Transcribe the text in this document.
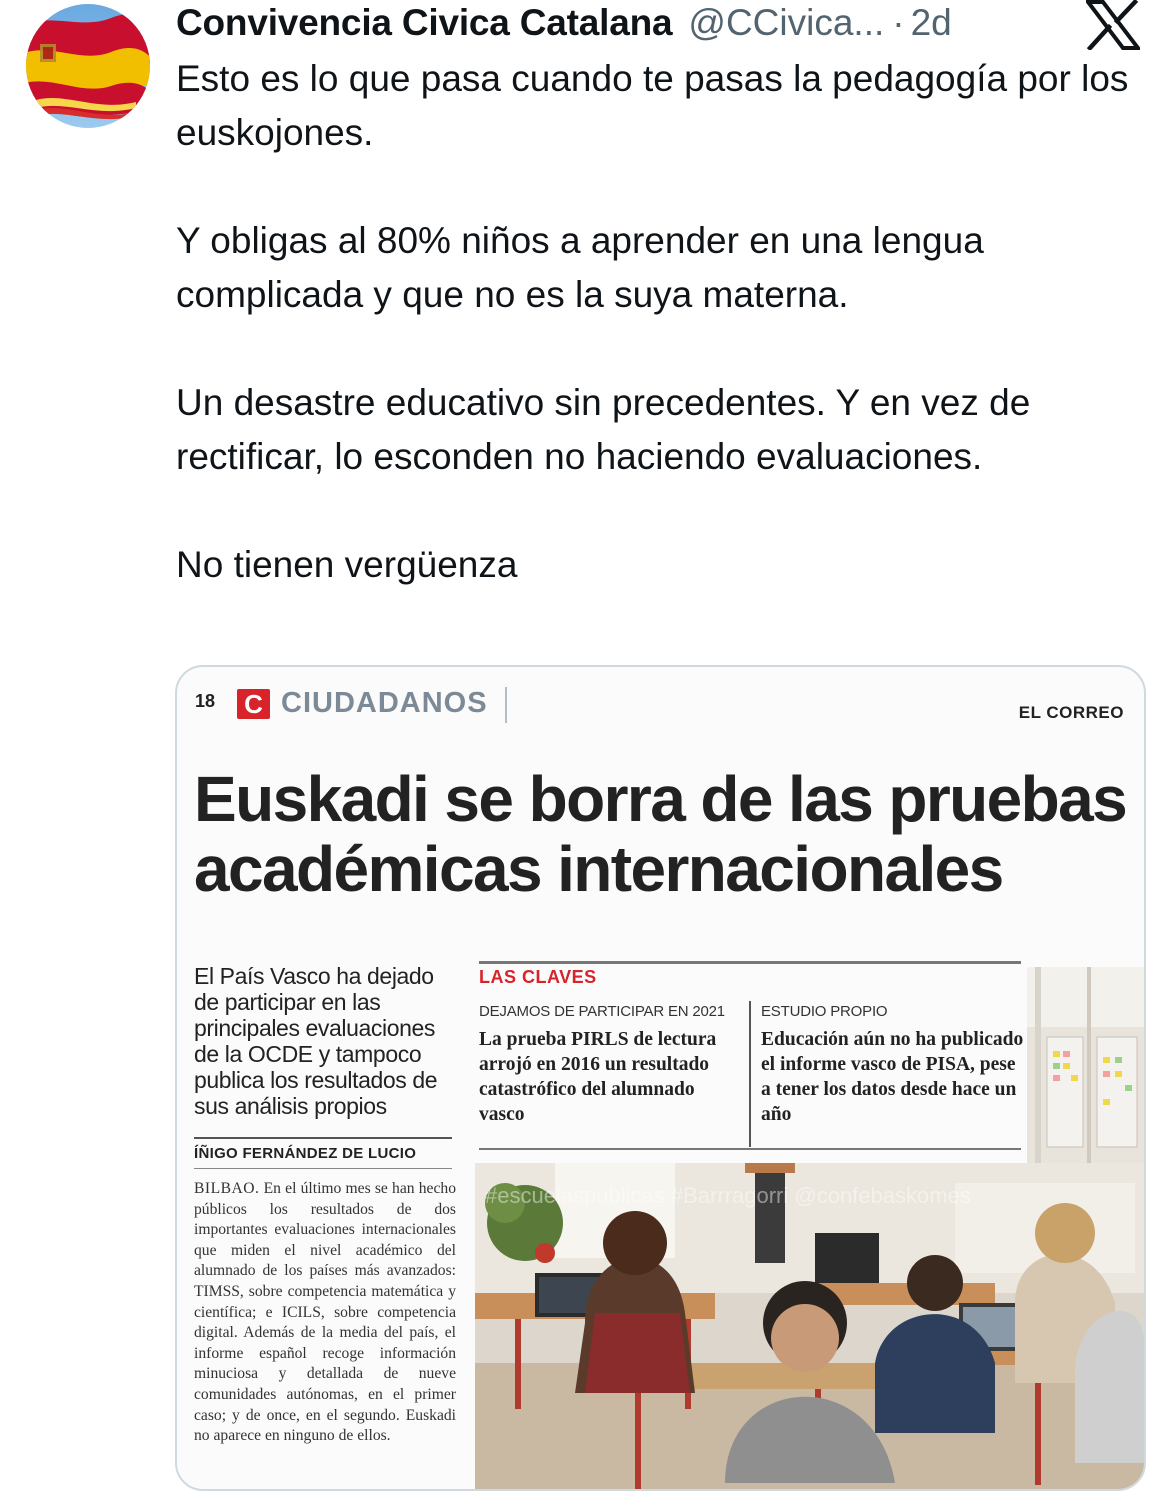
Convivencia Civica Catalana @CCivica... · 2d

Esto es lo que pasa cuando te pasas la pedagogía por los euskojones.

Y obligas al 80% niños a aprender en una lengua complicada y que no es la suya materna.

Un desastre educativo sin precedentes. Y en vez de rectificar, lo esconden no haciendo evaluaciones.

No tienen vergüenza

18 C CIUDADANOS	EL CORREO
Euskadi se borra de las pruebas académicas internacionales
El País Vasco ha dejado de participar en las principales evaluaciones de la OCDE y tampoco publica los resultados de sus análisis propios
ÍÑIGO FERNÁNDEZ DE LUCIO
BILBAO. En el último mes se han hecho públicos los resultados de dos importantes evaluaciones internacionales que miden el nivel académico del alumnado de los países más avanzados: TIMSS, sobre competencia matemática y científica; e ICILS, sobre competencia digital. Además de la media del país, el informe español recoge información minuciosa y detallada de nueve comunidades autónomas, en el primer caso; y de once, en el segundo. Euskadi no aparece en ninguno de ellos.
LAS CLAVES
DEJAMOS DE PARTICIPAR EN 2021
La prueba PIRLS de lectura arrojó en 2016 un resultado catastrófico del alumnado vasco
ESTUDIO PROPIO
Educación aún no ha publicado el informe vasco de PISA, pese a tener los datos desde hace un año
#escuelaspublicas #Barrragorri @confebaskomes
